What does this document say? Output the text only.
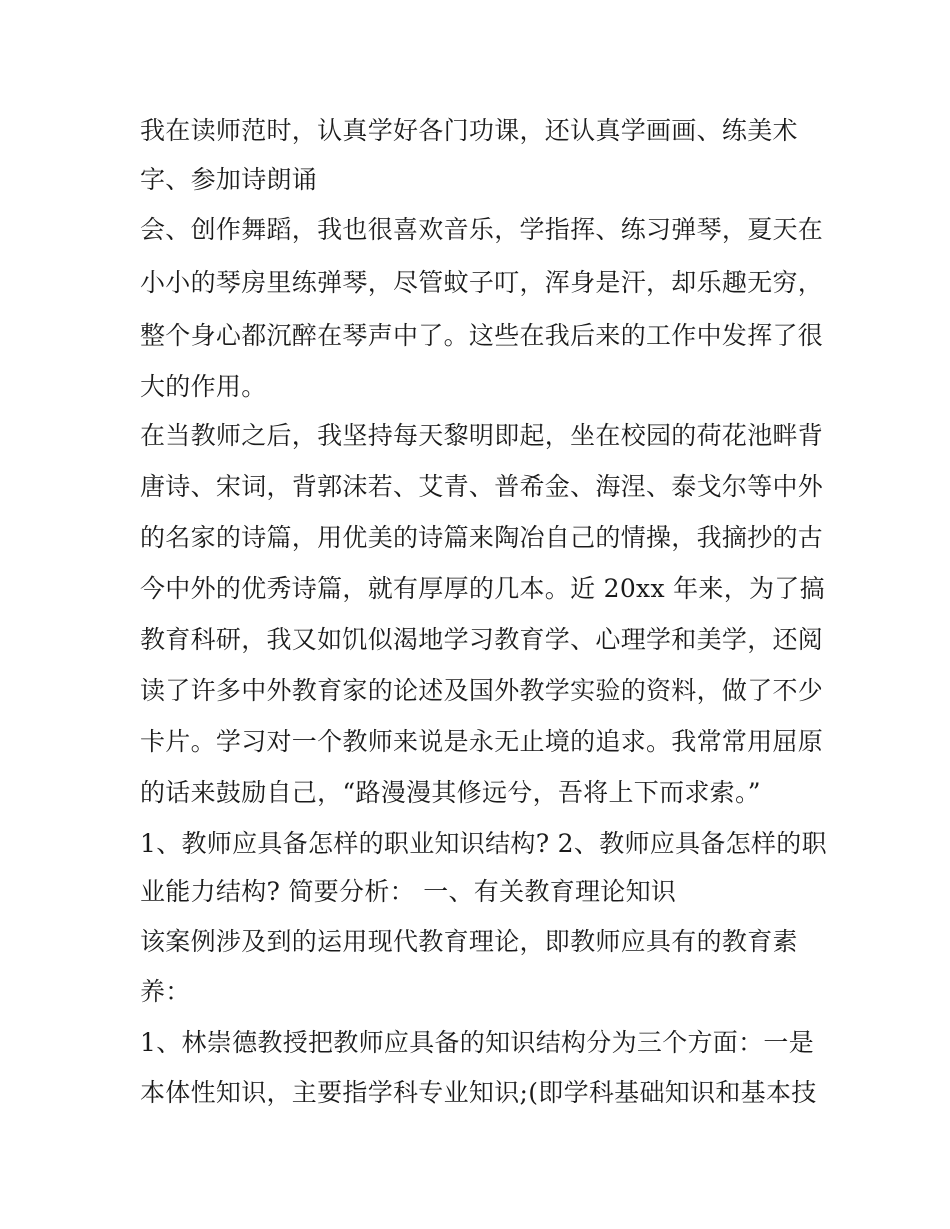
我在读师范时，认真学好各门功课，还认真学画画、练美术
字、参加诗朗诵
会、创作舞蹈，我也很喜欢音乐，学指挥、练习弹琴，夏天在
小小的琴房里练弹琴，尽管蚊子叮，浑身是汗，却乐趣无穷，
整个身心都沉醉在琴声中了。这些在我后来的工作中发挥了很
大的作用。
在当教师之后，我坚持每天黎明即起，坐在校园的荷花池畔背
唐诗、宋词，背郭沫若、艾青、普希金、海涅、泰戈尔等中外
的名家的诗篇，用优美的诗篇来陶冶自己的情操，我摘抄的古
今中外的优秀诗篇，就有厚厚的几本。近 20xx 年来，为了搞
教育科研，我又如饥似渴地学习教育学、心理学和美学，还阅
读了许多中外教育家的论述及国外教学实验的资料，做了不少
卡片。学习对一个教师来说是永无止境的追求。我常常用屈原
的话来鼓励自己，“路漫漫其修远兮，吾将上下而求索。”
1、教师应具备怎样的职业知识结构? 2、教师应具备怎样的职
业能力结构? 简要分析： 一、有关教育理论知识
该案例涉及到的运用现代教育理论，即教师应具有的教育素
养：
1、林崇德教授把教师应具备的知识结构分为三个方面：一是
本体性知识，主要指学科专业知识;(即学科基础知识和基本技
